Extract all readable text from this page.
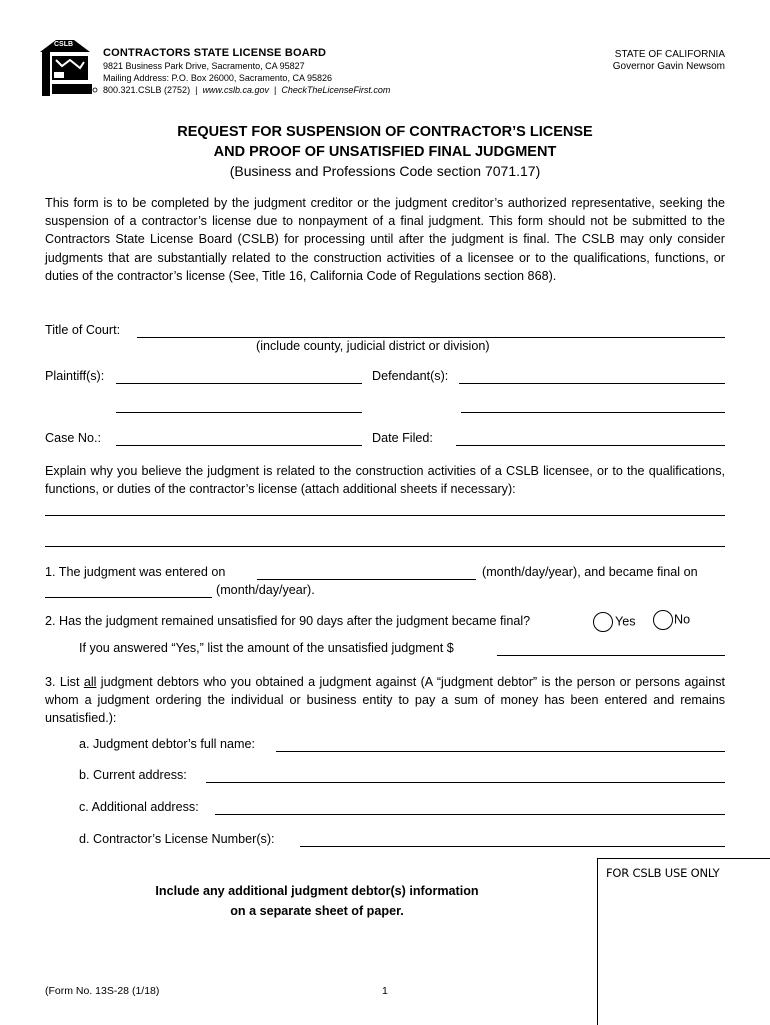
CSLB
CONTRACTORS STATE LICENSE BOARD
9821 Business Park Drive, Sacramento, CA 95827
Mailing Address: P.O. Box 26000, Sacramento, CA 95826
800.321.CSLB (2752) | www.cslb.ca.gov | CheckTheLicenseFirst.com
STATE OF CALIFORNIA
Governor Gavin Newsom
REQUEST FOR SUSPENSION OF CONTRACTOR’S LICENSE
AND PROOF OF UNSATISFIED FINAL JUDGMENT
(Business and Professions Code section 7071.17)
This form is to be completed by the judgment creditor or the judgment creditor’s authorized representative, seeking the suspension of a contractor’s license due to nonpayment of a final judgment. This form should not be submitted to the Contractors State License Board (CSLB) for processing until after the judgment is final. The CSLB may only consider judgments that are substantially related to the construction activities of a licensee or to the qualifications, functions, or duties of the contractor’s license (See, Title 16, California Code of Regulations section 868).
Title of Court:
(include county, judicial district or division)
Plaintiff(s):	Defendant(s):
Case No.:	Date Filed:
Explain why you believe the judgment is related to the construction activities of a CSLB licensee, or to the qualifications, functions, or duties of the contractor’s license (attach additional sheets if necessary):
1. The judgment was entered on	(month/day/year), and became final on
(month/day/year).
2. Has the judgment remained unsatisfied for 90 days after the judgment became final?	Yes	No
If you answered “Yes,” list the amount of the unsatisfied judgment $
3. List all judgment debtors who you obtained a judgment against (A “judgment debtor” is the person or persons against whom a judgment ordering the individual or business entity to pay a sum of money has been entered and remains unsatisfied.):
a. Judgment debtor’s full name:
b. Current address:
c. Additional address:
d. Contractor’s License Number(s):
Include any additional judgment debtor(s) information
on a separate sheet of paper.
FOR CSLB USE ONLY
(Form No. 13S-28 (1/18)	1
